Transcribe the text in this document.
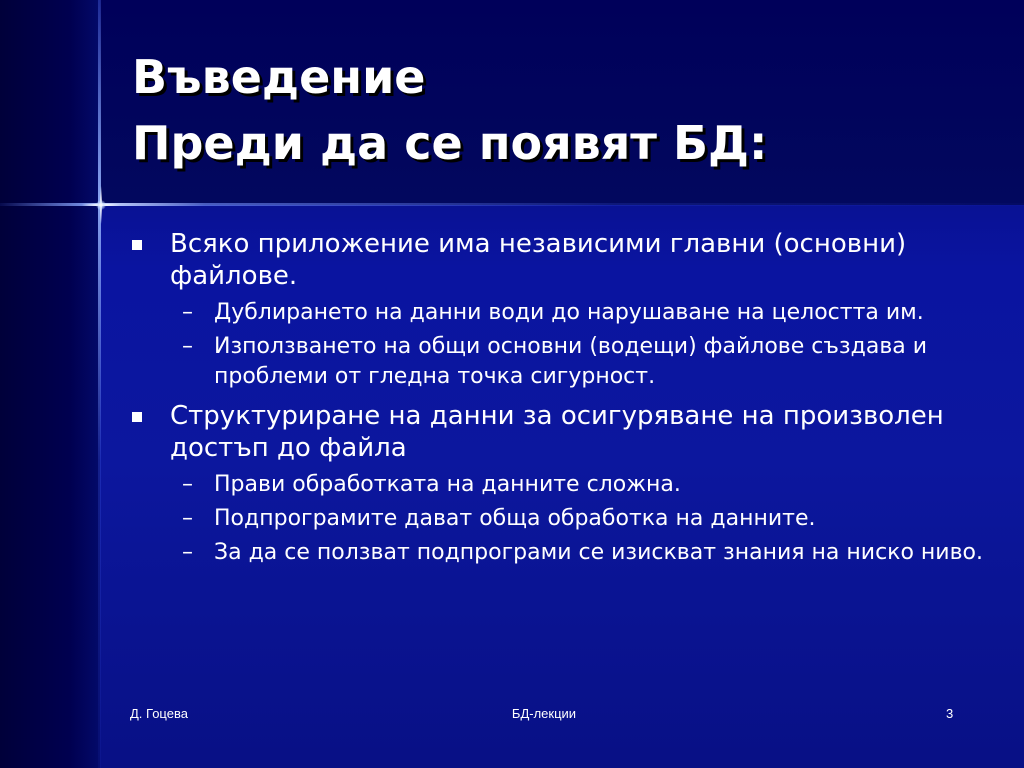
Въведение
Преди да се появят БД:
Всяко приложение има независими главни (основни) файлове.
– Дублирането на данни води до нарушаване на целостта им.
– Използването на общи основни (водещи) файлове създава и проблеми от гледна точка сигурност.
Структуриране на данни за осигуряване на произволен достъп до файла
– Прави обработката на данните сложна.
– Подпрограмите дават обща обработка на данните.
– За да се ползват подпрограми се изискват знания на ниско ниво.
Д. Гоцева	БД-лекции	3
